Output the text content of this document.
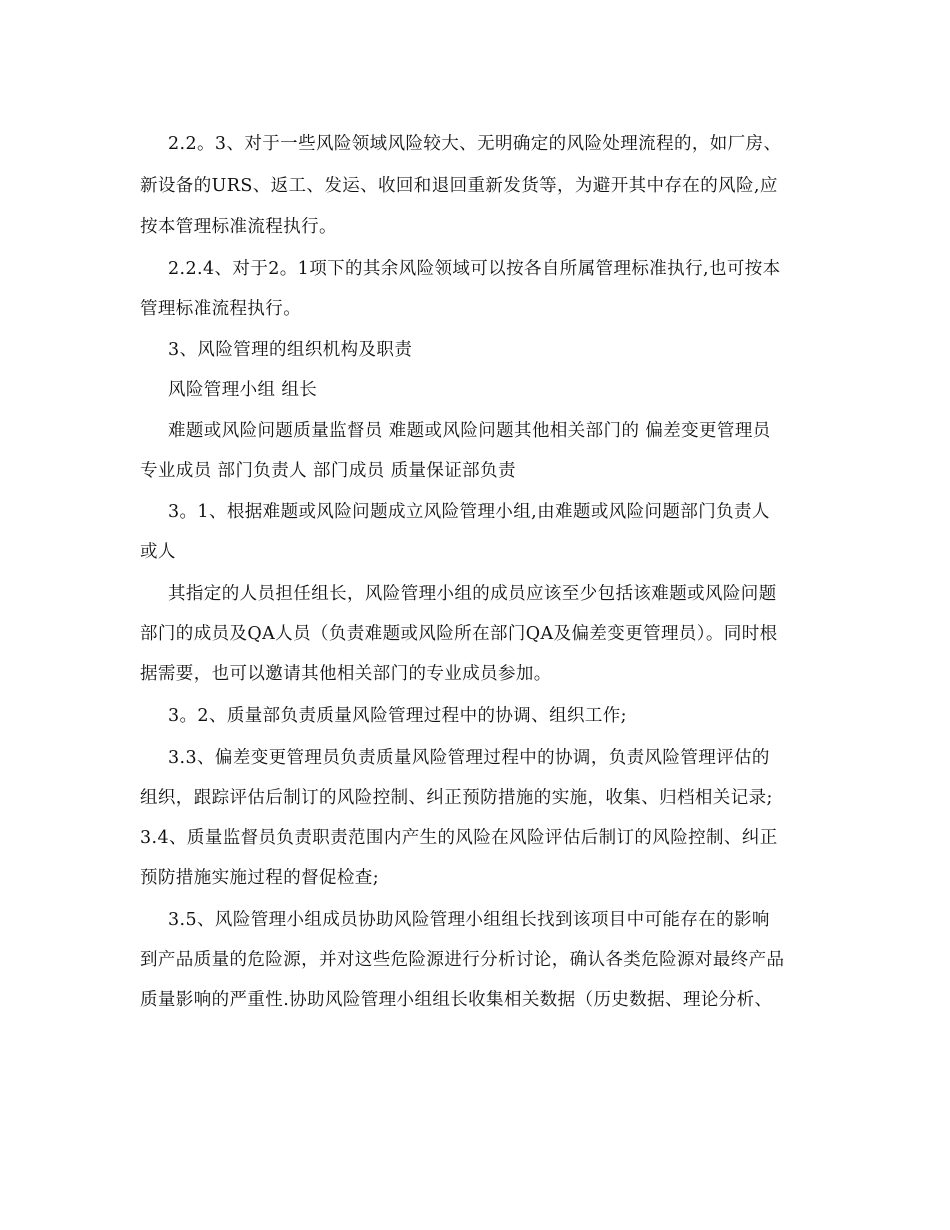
2.2。3、对于一些风险领域风险较大、无明确定的风险处理流程的，如厂房、
新设备的URS、返工、发运、收回和退回重新发货等，为避开其中存在的风险,应
按本管理标准流程执行。
2.2.4、对于2。1项下的其余风险领域可以按各自所属管理标准执行,也可按本
管理标准流程执行。
3、风险管理的组织机构及职责
风险管理小组 组长
难题或风险问题质量监督员 难题或风险问题其他相关部门的 偏差变更管理员
专业成员 部门负责人 部门成员 质量保证部负责
3。1、根据难题或风险问题成立风险管理小组,由难题或风险问题部门负责人
或人
其指定的人员担任组长，风险管理小组的成员应该至少包括该难题或风险问题
部门的成员及QA人员（负责难题或风险所在部门QA及偏差变更管理员）。同时根
据需要，也可以邀请其他相关部门的专业成员参加。
3。2、质量部负责质量风险管理过程中的协调、组织工作;
3.3、偏差变更管理员负责质量风险管理过程中的协调，负责风险管理评估的
组织，跟踪评估后制订的风险控制、纠正预防措施的实施，收集、归档相关记录;
3.4、质量监督员负责职责范围内产生的风险在风险评估后制订的风险控制、纠正
预防措施实施过程的督促检查;
3.5、风险管理小组成员协助风险管理小组组长找到该项目中可能存在的影响
到产品质量的危险源，并对这些危险源进行分析讨论，确认各类危险源对最终产品
质量影响的严重性.协助风险管理小组组长收集相关数据（历史数据、理论分析、
